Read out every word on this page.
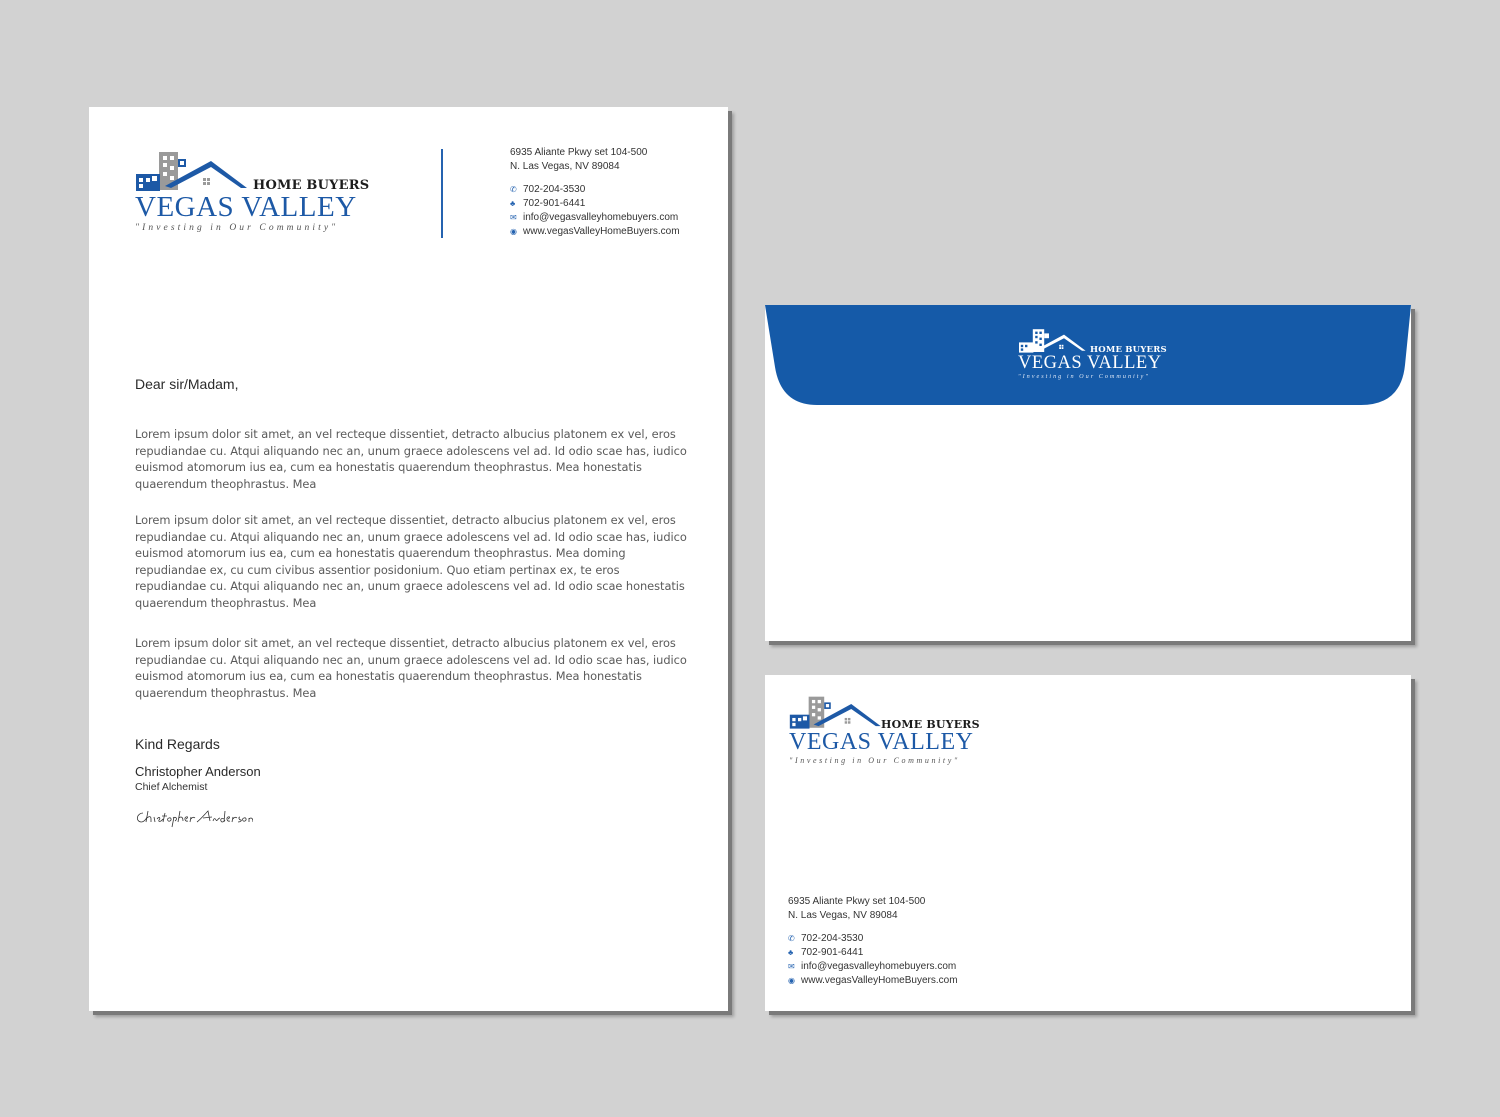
HOME BUYERS
VEGAS VALLEY
"Investing in Our Community"
6935 Aliante Pkwy set 104-500
N. Las Vegas, NV 89084
✆ 702-204-3530
♣ 702-901-6441
✉ info@vegasvalleyhomebuyers.com
◉ www.vegasValleyHomeBuyers.com
Dear sir/Madam,

Lorem ipsum dolor sit amet, an vel recteque dissentiet, detracto albucius platonem ex vel, eros repudiandae cu. Atqui aliquando nec an, unum graece adolescens vel ad. Id odio scae has, iudico euismod atomorum ius ea, cum ea honestatis quaerendum theophrastus. Mea honestatis quaerendum theophrastus. Mea

Lorem ipsum dolor sit amet, an vel recteque dissentiet, detracto albucius platonem ex vel, eros repudiandae cu. Atqui aliquando nec an, unum graece adolescens vel ad. Id odio scae has, iudico euismod atomorum ius ea, cum ea honestatis quaerendum theophrastus. Mea doming repudiandae ex, cu cum civibus assentior posidonium. Quo etiam pertinax ex, te eros repudiandae cu. Atqui aliquando nec an, unum graece adolescens vel ad. Id odio scae honestatis quaerendum theophrastus. Mea

Lorem ipsum dolor sit amet, an vel recteque dissentiet, detracto albucius platonem ex vel, eros repudiandae cu. Atqui aliquando nec an, unum graece adolescens vel ad. Id odio scae has, iudico euismod atomorum ius ea, cum ea honestatis quaerendum theophrastus. Mea honestatis quaerendum theophrastus. Mea

Kind Regards
Christopher Anderson
Chief Alchemist
HOME BUYERS
VEGAS VALLEY
"Investing in Our Community"
HOME BUYERS
VEGAS VALLEY
"Investing in Our Community"
6935 Aliante Pkwy set 104-500
N. Las Vegas, NV 89084
✆ 702-204-3530
♣ 702-901-6441
✉ info@vegasvalleyhomebuyers.com
◉ www.vegasValleyHomeBuyers.com
